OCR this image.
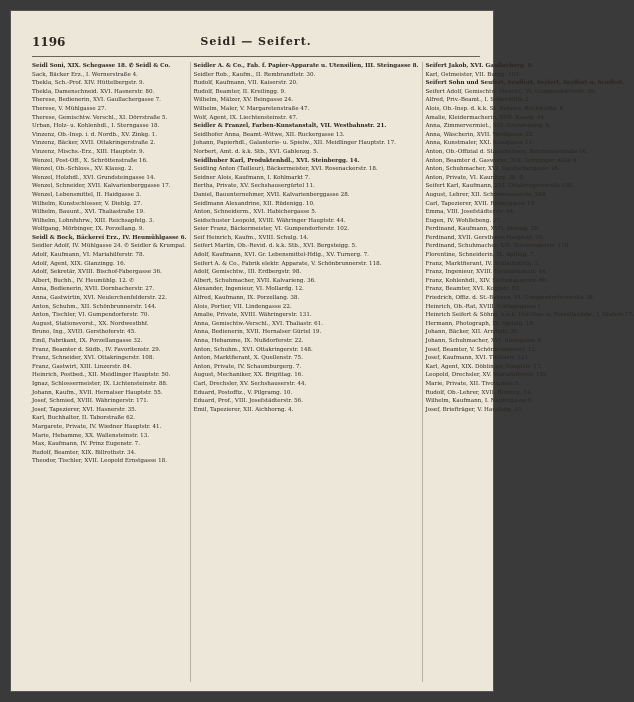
1196	Seidl — Seifert.
Seidl Soni, XIX. Schegasse 18. ✆ Seidl & Co.
Sack, Bäcker Erz., I. Wernerstraße 4.
Thekla, Sch.-Prof. XIV. Hüttelbergstr. 9.
Thekla, Damenschneid. XVI. Hasnerstr. 80.
Therese, Bedienerin, XVI. Gaullachergasse 7.
Therese, V. Mühlgasse 27.
Therese, Gemischtw. Verschl., XI. Dörrstraße 5.
Urban, Holz- u. Kohlenhdl., I. Sterngasse 18.
Vinzenz, Ob.-Insp. i. d. Nordb., XV. Zinkg. 1.
Vinzenz, Bäcker, XVII. Ottakringerstraße 2.
Vinzenz, Mischs.-Erz., XIII. Hauptstr. 9.
Wenzel, Post-Off., X. Schröttenstraße 16.
Wenzel, Ob.-Schloss., XV. Klausg. 2.
Wenzel, Holzhdl., XVI. Grundsteingasse 14.
Wenzel, Schneider, XVII. Kalvarienberggasse 17.
Wenzel, Lebensmittel, II. Haidgasse 3.
Wilhelm, Kunstschlosser, V. Diehlg. 27.
Wilhelm, Bauunt., XVI. Thaliastraße 19.
Wilhelm, Lohnfuhrw., XIII. Reichsapfelg. 3.
Wolfgang, Mörbinger, IX. Porzellang. 9.
Seidl & Bock, Bäckerei Erz., IV. Heumühlgasse 6.
Seidler Adolf, IV. Mühlgasse 24. ✆ Seidler & Krumpal.
Adolf, Kaufmann, VI. Mariahilferstr. 78.
Adolf, Agent, XIX. Glanzingg. 16.
Adolf, Sekretär, XVIII. Bischof-Fabergasse 36.
Albert, Buchh., IV. Heumühlg. 12. ✆
Anna, Bedienerin, XVII. Dornbacherstr. 27.
Anna, Gastwirtin, XVI. Neulerchenfelderstr. 22.
Anton, Schuhm., XII. Schönbrunnerstr. 144.
Anton, Tischler, VI. Gumpendorferstr. 70.
August, Stationsvorst., XX. Nordwestbhf.
Bruno, Ing., XVIII. Gersthoferstr. 45.
Emil, Fabrikant, IX. Porzellangasse 32.
Franz, Beamter d. Südb., IV. Favoritenstr. 29.
Franz, Schneider, XVI. Ottakringerstr. 108.
Franz, Gastwirt, XIII. Linzerstr. 84.
Heinrich, Postbed., XII. Meidlinger Hauptstr. 50.
Ignaz, Schlossermeister, IX. Lichtensteinstr. 88.
Johann, Kaufm., XVII. Hernalser Hauptstr. 55.
Josef, Schmied, XVIII. Währingerstr. 171.
Josef, Tapezierer, XVI. Hasnerstr. 35.
Karl, Buchhalter, II. Taborstraße 62.
Margarete, Private, IV. Wiedner Hauptstr. 41.
Marie, Hebamme, XX. Wallensteinstr. 13.
Max, Kaufmann, IV. Prinz Eugenstr. 7.
Rudolf, Beamter, XIX. Billrothstr. 34.
Theodor, Tischler, XVII. Leopold Ernstgasse 18.
Seidler A. & Co., Fab. f. Papier-Apparate u. Utensilien, III. Steingasse 8.
Seidler Rob., Kaufm., II. Rembrandtstr. 30.
Rudolf, Kaufmann, VII. Kaiserstr. 20.
Rudolf, Beamter, II. Kreilingg. 9.
Wilhelm, Mälzer, XV. Beingasse 24.
Wilhelm, Maler, V. Margaretenstraße 47.
Wolf, Agent, IX. Liechtensteinstr. 47.
Seidler & Franzel, Farben-Kunstanstalt, VII. Westbahnstr. 21.
Seidlhofer Anna, Beamt.-Witwe, XII. Ruckergasse 13.
Johann, Papierhdl., Galanterie- u. Spielw., XII. Meidlinger Hauptstr. 17.
Norbert, Amt. d. k.k. Stb., XVI. Gablenzg. 5.
Seidlhuber Karl, Produktenhdl., XVI. Steinbergg. 14.
Seidling Anton (Tailleur), Bäckermeister, XVI. Rosenackerstr. 18.
Seidner Alois, Kaufmann, I. Kohlmarkt 7.
Bertha, Private, XV. Sechshausergürtel 11.
Daniel, Bauunternehmer, XVII. Kalvarienberggasse 28.
Seidlmann Alexandrine, XII. Rüdenigg. 10.
Anton, Schneiderm., XVI. Habichergasse 5.
Seidschuster Leopold, XVIII. Währinger Hauptstr. 44.
Seier Franz, Bäckermeister, VI. Gumpendorferstr. 102.
Seif Heinrich, Kaufm., XVIII. Schulg. 14.
Seifert Martin, Ob.-Revid. d. k.k. Stb., XVI. Bergsteigg. 5.
Adolf, Kaufmann, XVI. Gr. Lebensmittel-Hdlg., XV. Turnerg. 7.
Seifert A. & Co., Fabrik elektr. Apparate, V. Schönbrunnerstr. 118.
Adolf, Gemischtw., III. Erdbergstr. 98.
Albert, Schuhmacher, XVII. Kalvarieng. 36.
Alexander, Ingenieur, VI. Mollardg. 12.
Alfred, Kaufmann, IX. Porzellang. 38.
Alois, Portier, VII. Lindengasse 22.
Amalie, Private, XVIII. Währingerstr. 131.
Anna, Gemischtw.-Verschl., XVI. Thaliastr. 61.
Anna, Bedienerin, XVII. Hernalser Gürtel 19.
Anna, Hebamme, IX. Nußdorferstr. 22.
Anton, Schuhm., XVI. Ottakringerstr. 148.
Anton, Marktfierant, X. Quellenstr. 75.
Anton, Private, IV. Schaumburgerg. 7.
August, Mechaniker, XX. Brigittag. 16.
Carl, Drechsler, XV. Sechshauserstr. 44.
Eduard, Postoffiz., V. Pilgramg. 10.
Eduard, Prof., VIII. Josefstädterstr. 56.
Emil, Tapezierer, XII. Aichhorng. 4.
Seifert Jakob, XVI. Gaullacherg. 9.
Karl, Ostmeister, VII. Burgg. 101.
Seifert Sohn und Seufert, Seuffert, Seyfert, Seyffert u. Scuffert.
Seifert Adolf, Gemischtw. Verschl., VI. Gumpendorferstr. 39.
Alfred, Priv.-Beamt., I. Seilerstätte 2.
Alois, Ob.-Insp. d. k.k. St. Bahnen, Buchwaldg. 8.
Amalie, Kleidermacherin, XVII. Kunzg. 44.
Anna, Zimmervermiet., XVI. Grundsteing. 6.
Anna, Wäscherin, XVII. Weißgasse 33.
Anna, Kunstmaler, XXI. Kunzgasse 11.
Anton, Ob.-Offizial d. Staatsbahnen, Reichsratsstraße 10.
Anton, Beamter d. Gaswerke, XIX. Grinzinger Allee 6.
Anton, Schuhmacher, XVI. Gaullachergasse 18.
Anton, Private, VI. Kaunitzg. 38. ✆
Seifert Karl, Kaufmann, XVI. Ottakringerstraße 192.
August, Lehrer, XII. Schönbrunnerstr. 248.
Carl, Tapezierer, XVII. Rötzergasse 19.
Emma, VIII. Josefstädterstr. 64.
Eugen, IV. Wohllebeng. 27.
Ferdinand, Kaufmann, XVII. Antong. 20.
Ferdinand, XVII. Gersthofer Hauptstr. 70.
Ferdinand, Schuhmacher, XIX. Sieveringerstr. 110.
Florentine, Schneiderin, IX. Spitalg. 7.
Franz, Marktfierant, IV. Schleifmühlg. 3.
Franz, Ingenieur, XVIII. Gymnasiumstr. 44.
Franz, Kohlenhdl., XIV. Sechshauserstr. 80.
Franz, Beamter, XVI. Koppstr. 52.
Friedrich, Offiz. d. St.-Bahnen, VI. Gumpendorferstraße 38.
Heinrich, Ob.-Rat, XVIII. Cottagegasse 1.
Heinrich Seifert & Söhne, k.u.k. Hof-Glas- u. Porzellanfabr., I. Graben 17.
Hermann, Photograph, IX. Spitalg. 18.
Johann, Bäcker, XII. Arndtstr. 30.
Johann, Schuhmacher, XVI. Steingasse 4.
Josef, Beamter, V. Schönbrunnerstr. 12.
Josef, Kaufmann, XVI. Thaliastr. 121.
Karl, Agent, XIX. Döblinger Hauptstr. 17.
Leopold, Drechsler, XV. Mariahilferstr. 182.
Marie, Private, XII. Tivoligasse 5.
Rudolf, Ob.-Lehrer, XVII. Rötzerg. 14.
Wilhelm, Kaufmann, I. Naglergasse 6.
Josef, Briefträger, V. Hauslabg. 25.
